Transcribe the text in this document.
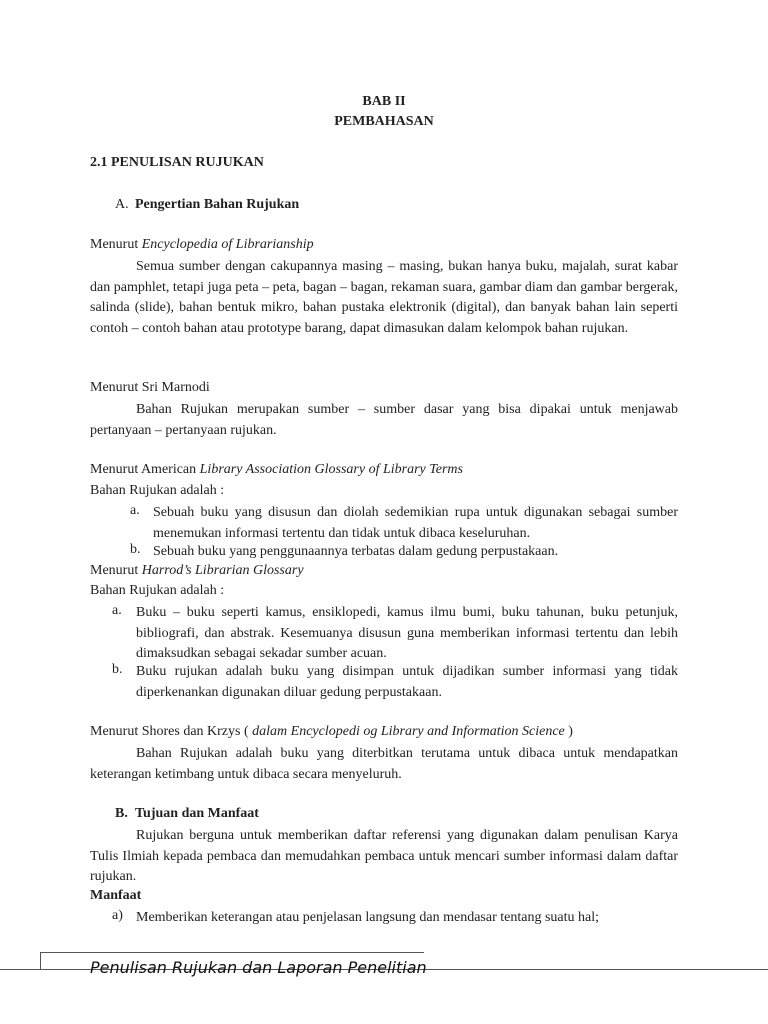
BAB II
PEMBAHASAN
2.1 PENULISAN RUJUKAN
A. Pengertian Bahan Rujukan
Menurut Encyclopedia of Librarianship

Semua sumber dengan cakupannya masing – masing, bukan hanya buku, majalah, surat kabar dan pamphlet, tetapi juga peta – peta, bagan – bagan, rekaman suara, gambar diam dan gambar bergerak, salinda (slide), bahan bentuk mikro, bahan pustaka elektronik (digital), dan banyak bahan lain seperti contoh – contoh bahan atau prototype barang, dapat dimasukan dalam kelompok bahan rujukan.

Menurut Sri Marnodi

Bahan Rujukan merupakan sumber – sumber dasar yang bisa dipakai untuk menjawab pertanyaan – pertanyaan rujukan.

Menurut American Library Association Glossary of Library Terms
Bahan Rujukan adalah :
a. Sebuah buku yang disusun dan diolah sedemikian rupa untuk digunakan sebagai sumber menemukan informasi tertentu dan tidak untuk dibaca keseluruhan.
b. Sebuah buku yang penggunaannya terbatas dalam gedung perpustakaan.
Menurut Harrod’s Librarian Glossary
Bahan Rujukan adalah :
a. Buku – buku seperti kamus, ensiklopedi, kamus ilmu bumi, buku tahunan, buku petunjuk, bibliografi, dan abstrak. Kesemuanya disusun guna memberikan informasi tertentu dan lebih dimaksudkan sebagai sekadar sumber acuan.
b. Buku rujukan adalah buku yang disimpan untuk dijadikan sumber informasi yang tidak diperkenankan digunakan diluar gedung perpustakaan.
Menurut Shores dan Krzys ( dalam Encyclopedi og Library and Information Science )

Bahan Rujukan adalah buku yang diterbitkan terutama untuk dibaca untuk mendapatkan keterangan ketimbang untuk dibaca secara menyeluruh.

B. Tujuan dan Manfaat

Rujukan berguna untuk memberikan daftar referensi yang digunakan dalam penulisan Karya Tulis Ilmiah kepada pembaca dan memudahkan pembaca untuk mencari sumber informasi dalam daftar rujukan.

Manfaat
a) Memberikan keterangan atau penjelasan langsung dan mendasar tentang suatu hal;
Penulisan Rujukan dan Laporan Penelitian
